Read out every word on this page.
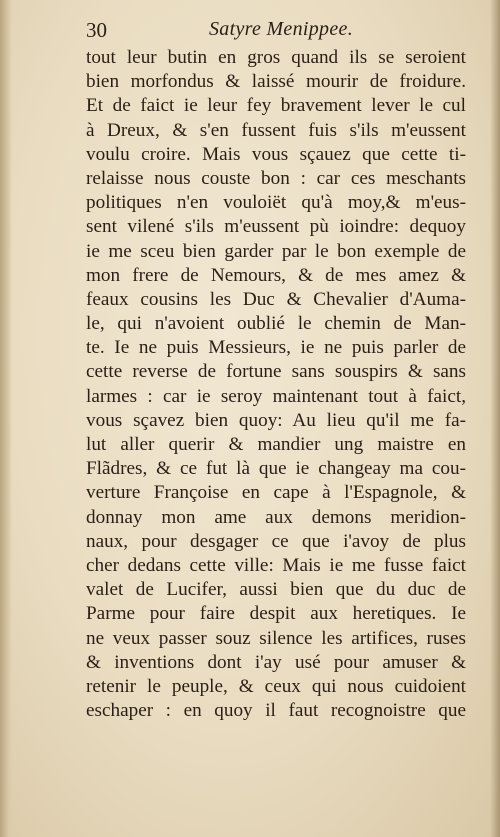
30	Satyre Menippee.
tout leur butin en gros quand ils se seroient
bien morfondus & laissé mourir de froidure.
Et de faict ie leur fey bravement lever le cul
à Dreux, & s'en fussent fuis s'ils m'eussent
voulu croire. Mais vous sçauez que cette ti-
relaisse nous couste bon : car ces meschants
politiques n'en vouloiët qu'à moy,& m'eus-
sent vilené s'ils m'eussent pù ioindre: dequoy
ie me sceu bien garder par le bon exemple de
mon frere de Nemours, & de mes amez &
feaux cousins les Duc & Chevalier d'Auma-
le, qui n'avoient oublié le chemin de Man-
te. Ie ne puis Messieurs, ie ne puis parler de
cette reverse de fortune sans souspirs & sans
larmes : car ie seroy maintenant tout à faict,
vous sçavez bien quoy: Au lieu qu'il me fa-
lut aller querir & mandier ung maistre en
Flãdres, & ce fut là que ie changeay ma cou-
verture Françoise en cape à l'Espagnole, &
donnay mon ame aux demons meridion-
naux, pour desgager ce que i'avoy de plus
cher dedans cette ville: Mais ie me fusse faict
valet de Lucifer, aussi bien que du duc de
Parme pour faire despit aux heretiques. Ie
ne veux passer souz silence les artifices, ruses
& inventions dont i'ay usé pour amuser &
retenir le peuple, & ceux qui nous cuidoient
eschaper : en quoy il faut recognoistre que
